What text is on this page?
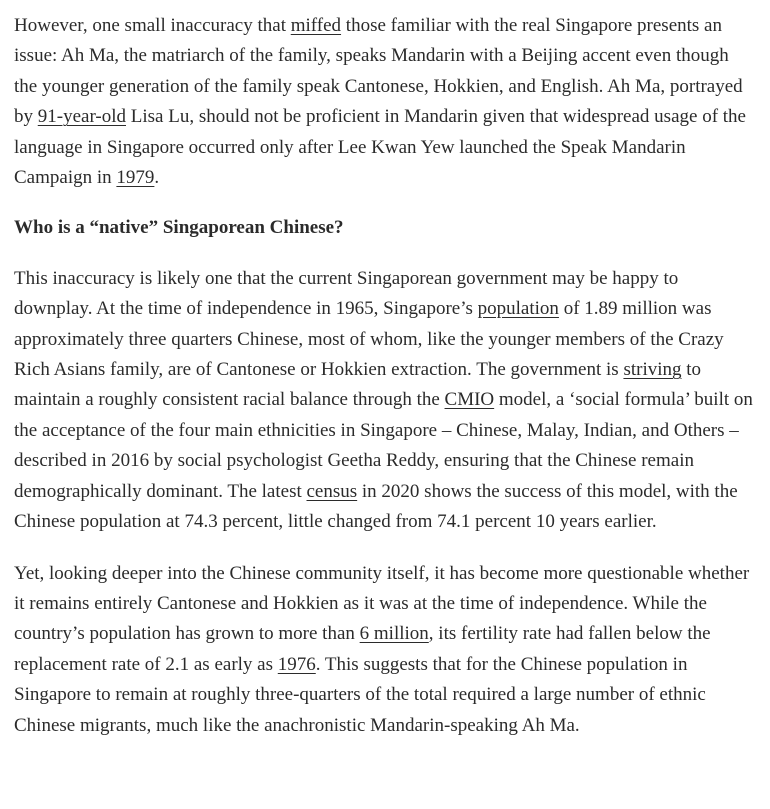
However, one small inaccuracy that miffed those familiar with the real Singapore presents an issue: Ah Ma, the matriarch of the family, speaks Mandarin with a Beijing accent even though the younger generation of the family speak Cantonese, Hokkien, and English. Ah Ma, portrayed by 91-year-old Lisa Lu, should not be proficient in Mandarin given that widespread usage of the language in Singapore occurred only after Lee Kwan Yew launched the Speak Mandarin Campaign in 1979.

Who is a “native” Singaporean Chinese?

This inaccuracy is likely one that the current Singaporean government may be happy to downplay. At the time of independence in 1965, Singapore’s population of 1.89 million was approximately three quarters Chinese, most of whom, like the younger members of the Crazy Rich Asians family, are of Cantonese or Hokkien extraction. The government is striving to maintain a roughly consistent racial balance through the CMIO model, a ‘social formula’ built on the acceptance of the four main ethnicities in Singapore – Chinese, Malay, Indian, and Others – described in 2016 by social psychologist Geetha Reddy, ensuring that the Chinese remain demographically dominant. The latest census in 2020 shows the success of this model, with the Chinese population at 74.3 percent, little changed from 74.1 percent 10 years earlier.

Yet, looking deeper into the Chinese community itself, it has become more questionable whether it remains entirely Cantonese and Hokkien as it was at the time of independence. While the country’s population has grown to more than 6 million, its fertility rate had fallen below the replacement rate of 2.1 as early as 1976. This suggests that for the Chinese population in Singapore to remain at roughly three-quarters of the total required a large number of ethnic Chinese migrants, much like the anachronistic Mandarin-speaking Ah Ma.
